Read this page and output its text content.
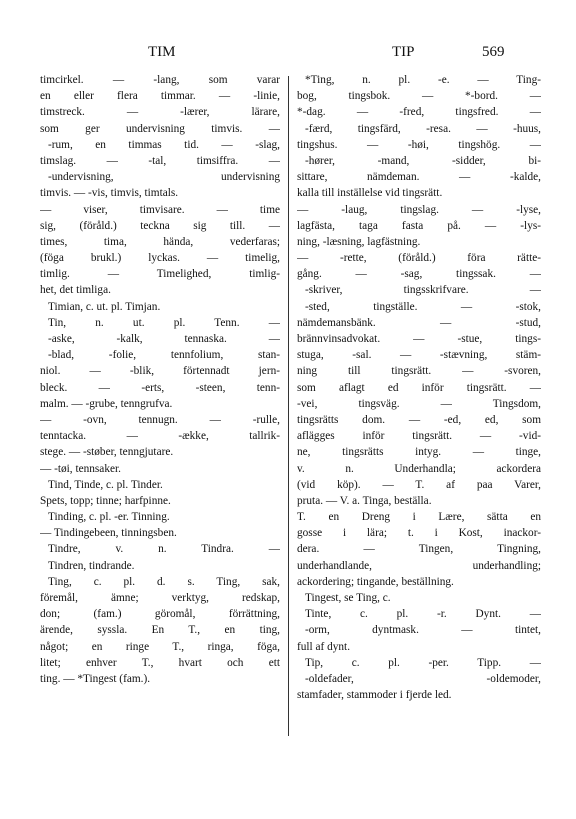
TIM	TIP	569
timcirkel. — -lang, som varar
en eller flera timmar. — -linie,
timstreck. — -lærer, lärare,
som ger undervisning timvis. —
-rum, en timmas tid. — -slag,
timslag. — -tal, timsiffra. —
-undervisning, undervisning
timvis. — -vis, timvis, timtals.
— viser, timvisare. — time
sig, (föråld.) teckna sig till. —
times, tima, hända, vederfaras;
(föga brukl.) lyckas. — timelig,
timlig. — Timelighed, timlig-
het, det timliga.
Timian, c. ut. pl. Timjan.
Tin, n. ut. pl. Tenn. —
-aske, -kalk, tennaska. —
-blad, -folie, tennfolium, stan-
niol. — -blik, förtennadt jern-
bleck. — -erts, -steen, tenn-
malm. — -grube, tenngrufva.
— -ovn, tennugn. — -rulle,
tenntacka. — -ække, tallrik-
stege. — -støber, tenngjutare.
— -tøi, tennsaker.
Tind, Tinde, c. pl. Tinder.
Spets, topp; tinne; harfpinne.
Tinding, c. pl. -er. Tinning.
— Tindingebeen, tinningsben.
Tindre, v. n. Tindra. —
Tindren, tindrande.
Ting, c. pl. d. s. Ting, sak,
föremål, ämne; verktyg, redskap,
don; (fam.) göromål, förrättning,
ärende, syssla. En T., en ting,
något; en ringe T., ringa, föga,
litet; enhver T., hvart och ett
ting. — *Tingest (fam.).
*Ting, n. pl. -e. — Ting-
bog, tingsbok. — *-bord. —
*-dag. — -fred, tingsfred. —
-færd, tingsfärd, -resa. — -huus,
tingshus. — -høi, tingshög. —
-hører, -mand, -sidder, bi-
sittare, nämdeman. — -kalde,
kalla till inställelse vid tingsrätt.
— -laug, tingslag. — -lyse,
lagfästa, taga fasta på. — -lys-
ning, -læsning, lagfästning.
— -rette, (föråld.) föra rätte-
gång. — -sag, tingssak. —
-skriver, tingsskrifvare. —
-sted, tingställe. — -stok,
nämdemansbänk. — -stud,
brännvinsadvokat. — -stue, tings-
stuga, -sal. — -stævning, stäm-
ning till tingsrätt. — -svoren,
som aflagt ed inför tingsrätt. —
-vei, tingsväg. — Tingsdom,
tingsrätts dom. — -ed, ed, som
aflägges inför tingsrätt. — -vid-
ne, tingsrätts intyg. — tinge,
v. n. Underhandla; ackordera
(vid köp). — T. af paa Varer,
pruta. — V. a. Tinga, beställa.
T. en Dreng i Lære, sätta en
gosse i lära; t. i Kost, inackor-
dera. — Tingen, Tingning,
underhandlande, underhandling;
ackordering; tingande, beställning.
Tingest, se Ting, c.
Tinte, c. pl. -r. Dynt. —
-orm, dyntmask. — tintet,
full af dynt.
Tip, c. pl. -per. Tipp. —
-oldefader, -oldemoder,
stamfader, stammoder i fjerde led.
